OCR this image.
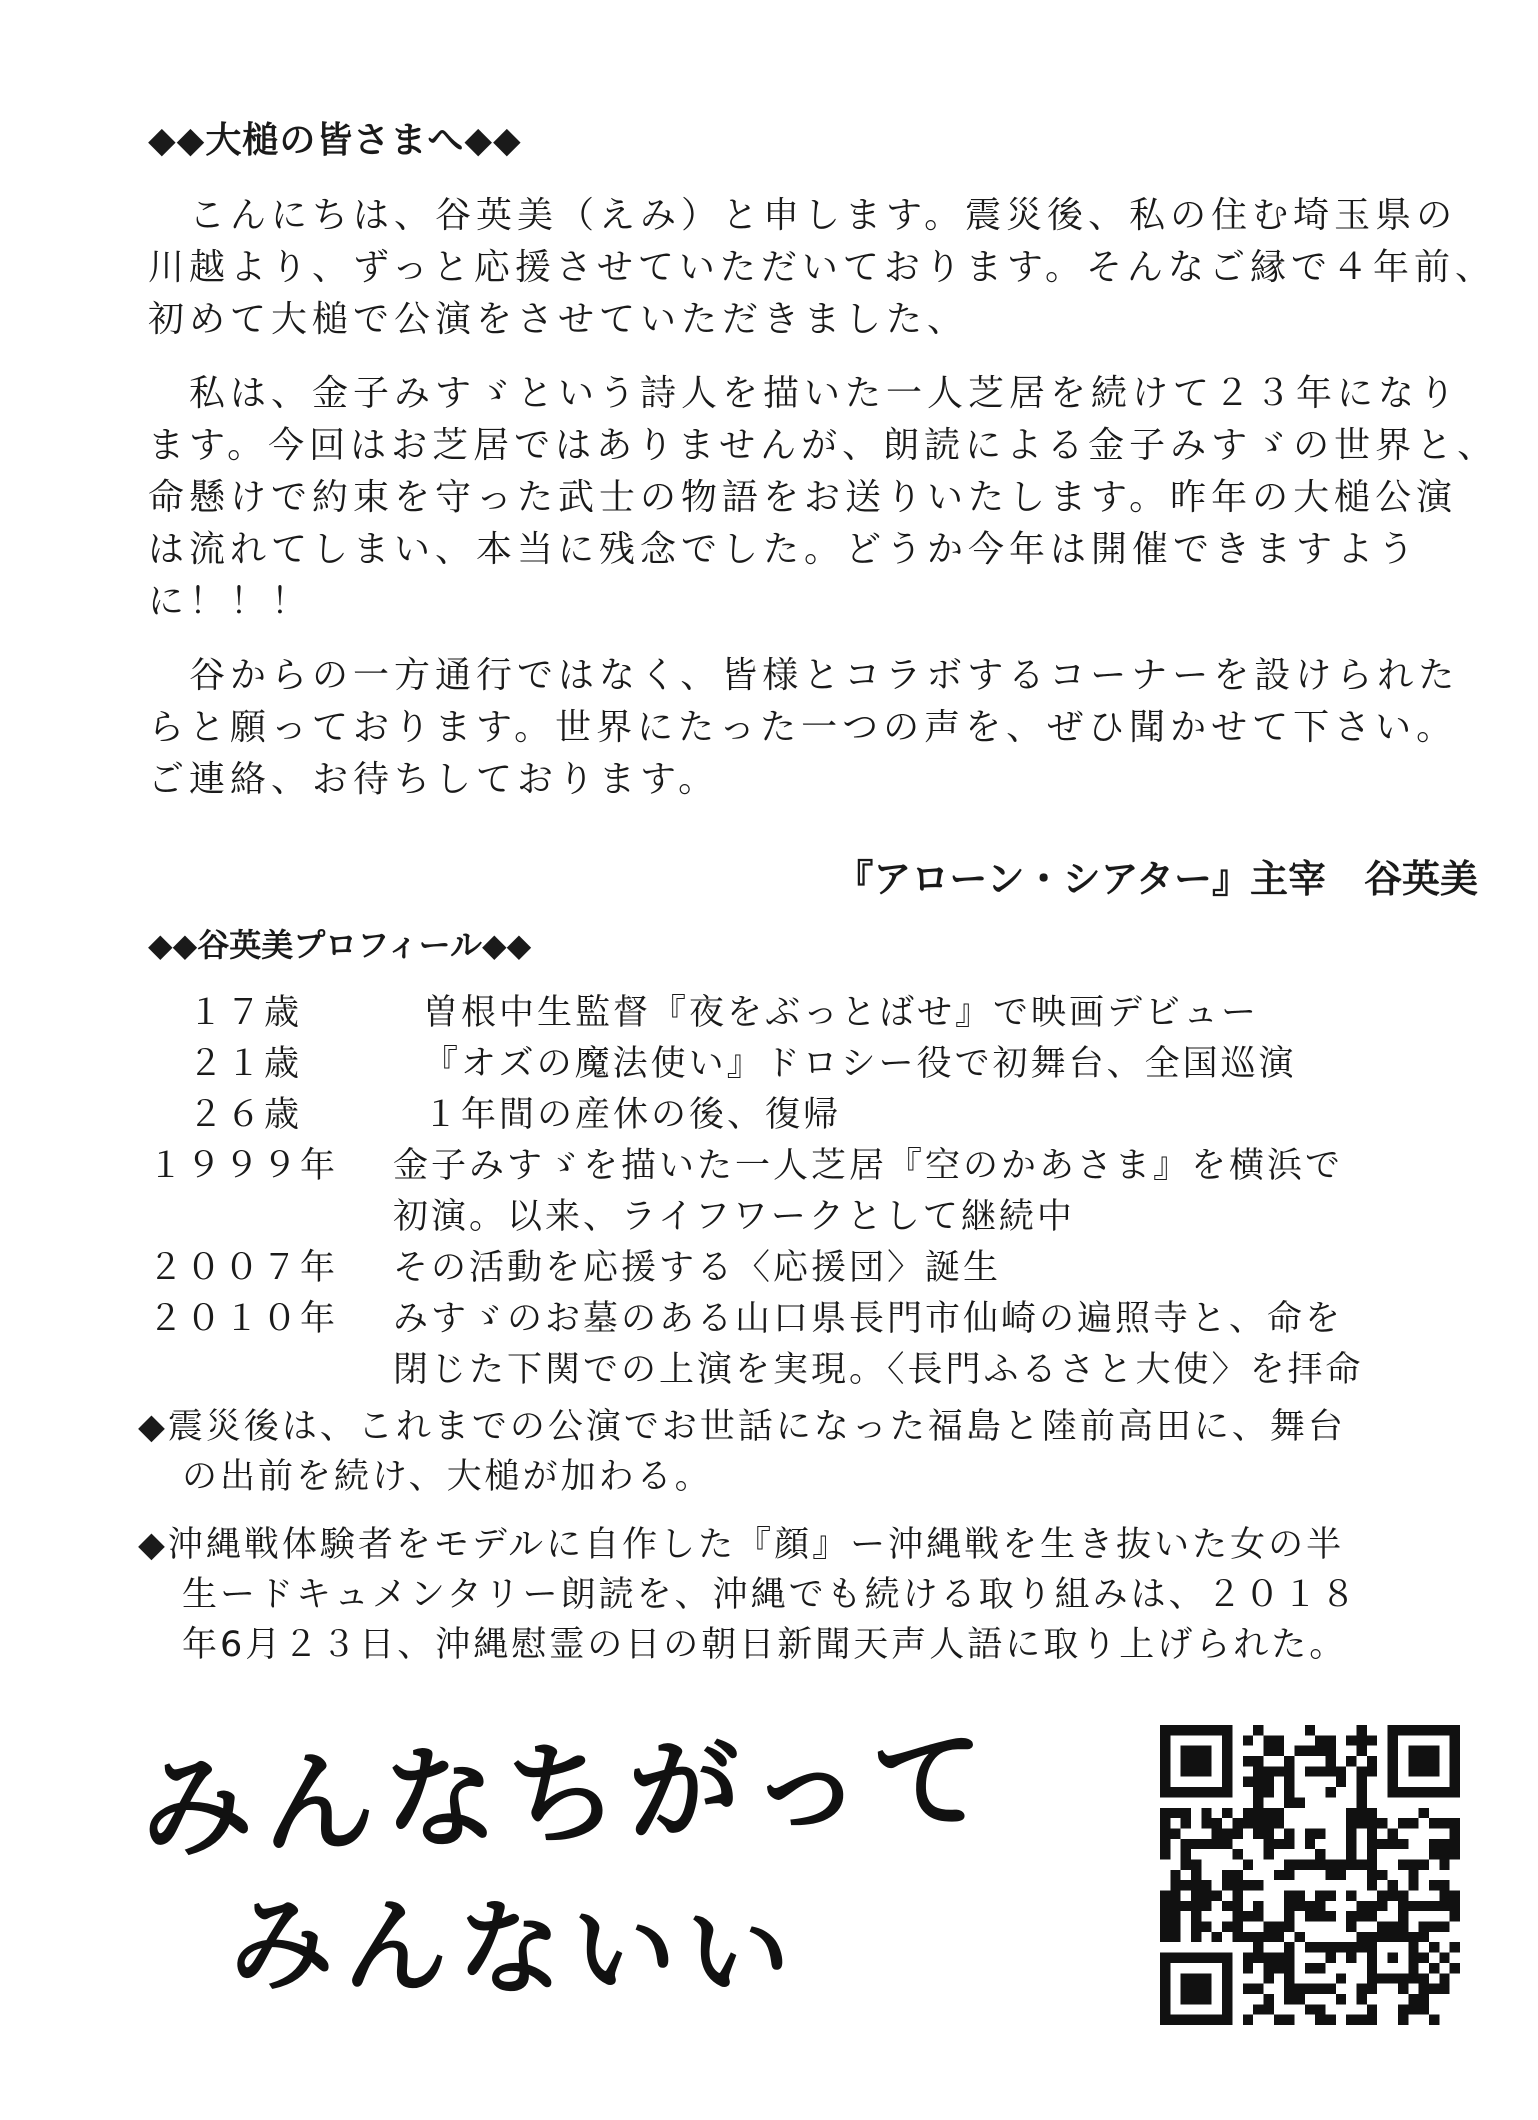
◆◆大槌の皆さまへ◆◆
　こんにちは、谷英美（えみ）と申します。震災後、私の住む埼玉県の
川越より、ずっと応援させていただいております。そんなご縁で４年前、
初めて大槌で公演をさせていただきました、
　私は、金子みすゞという詩人を描いた一人芝居を続けて２３年になり
ます。今回はお芝居ではありませんが、朗読による金子みすゞの世界と、
命懸けで約束を守った武士の物語をお送りいたします。昨年の大槌公演
は流れてしまい、本当に残念でした。どうか今年は開催できますよう
に！！！
　谷からの一方通行ではなく、皆様とコラボするコーナーを設けられた
らと願っております。世界にたった一つの声を、ぜひ聞かせて下さい。
ご連絡、お待ちしております。
『アローン・シアター』主宰　谷英美
◆◆谷英美プロフィール◆◆
１７歳	曽根中生監督『夜をぶっとばせ』で映画デビュー
２１歳	『オズの魔法使い』ドロシー役で初舞台、全国巡演
２６歳	１年間の産休の後、復帰
１９９９年	金子みすゞを描いた一人芝居『空のかあさま』を横浜で
初演。以来、ライフワークとして継続中
２００７年	その活動を応援する〈応援団〉誕生
２０１０年	みすゞのお墓のある山口県長門市仙崎の遍照寺と、命を
閉じた下関での上演を実現。〈長門ふるさと大使〉を拝命
◆震災後は、これまでの公演でお世話になった福島と陸前高田に、舞台
の出前を続け、大槌が加わる。
◆沖縄戦体験者をモデルに自作した『顔』ー沖縄戦を生き抜いた女の半
生ードキュメンタリー朗読を、沖縄でも続ける取り組みは、２０１８
年6月２３日、沖縄慰霊の日の朝日新聞天声人語に取り上げられた。
みんなちがって
みんないい
